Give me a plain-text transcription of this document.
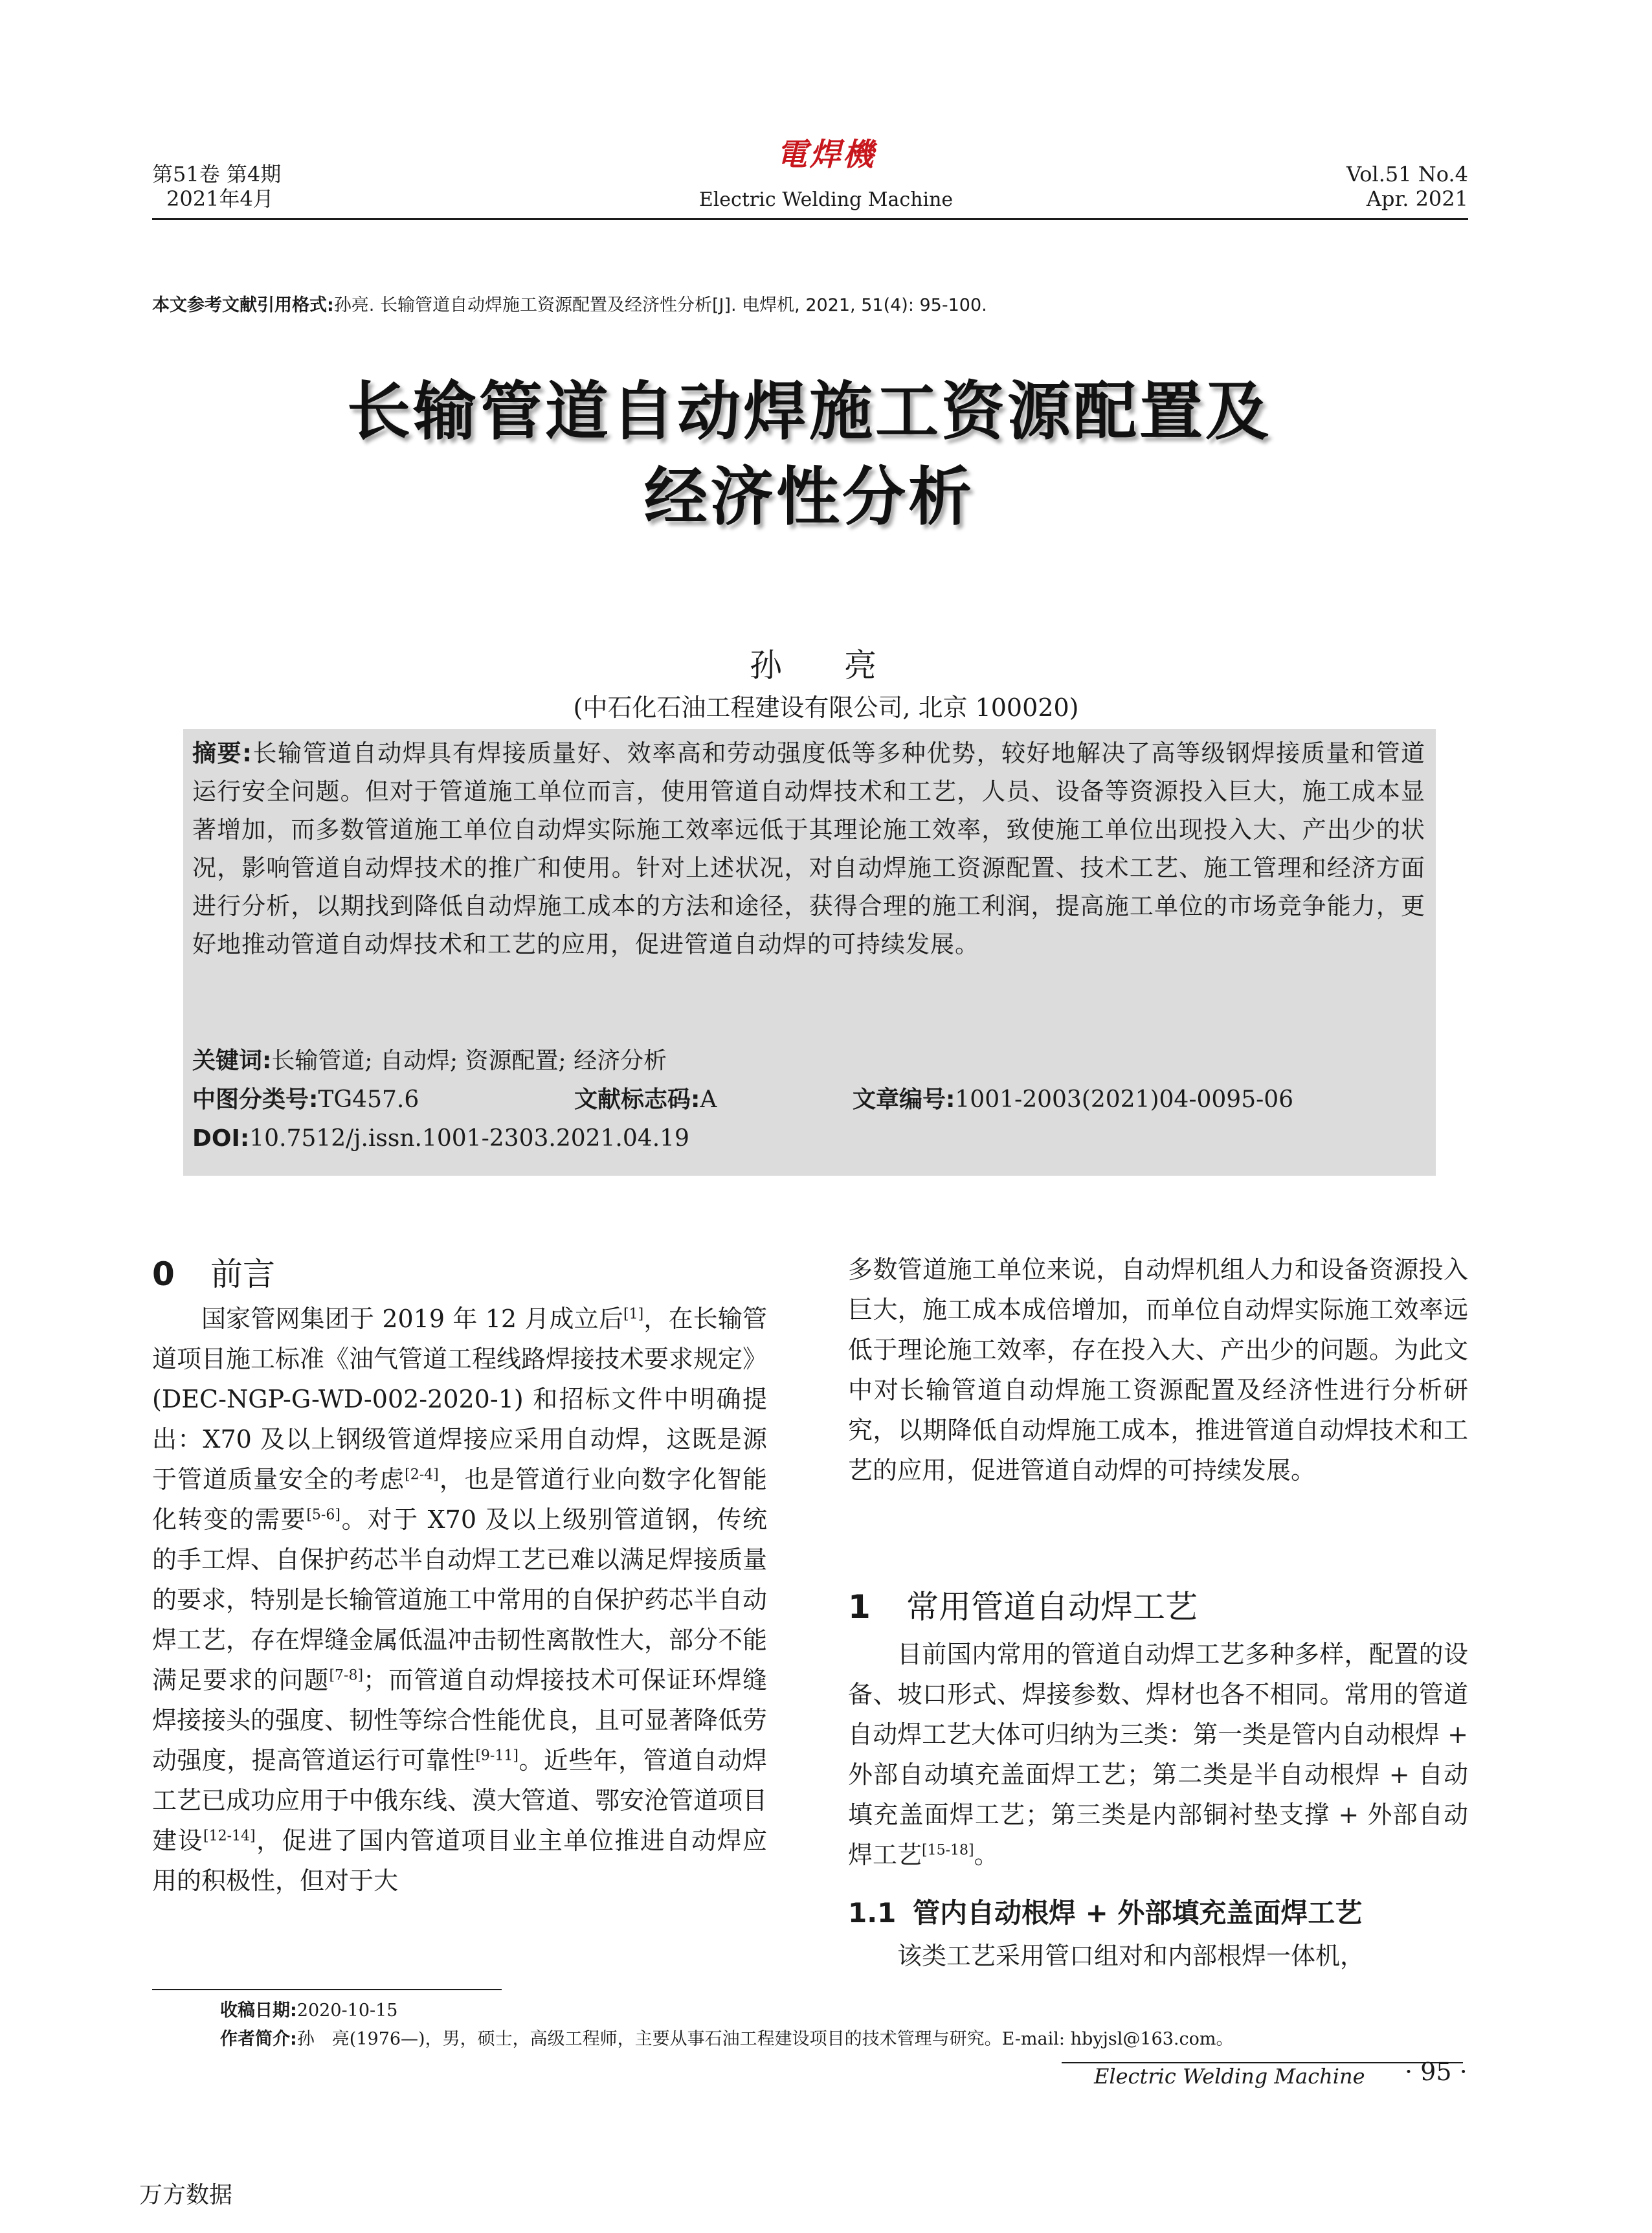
第51卷 第4期
2021年4月
電焊機
Electric Welding Machine
Vol.51 No.4
Apr. 2021
本文参考文献引用格式:孙亮. 长输管道自动焊施工资源配置及经济性分析[J]. 电焊机, 2021, 51(4): 95-100.
长输管道自动焊施工资源配置及
经济性分析
孙 亮
(中石化石油工程建设有限公司, 北京 100020)
摘要:长输管道自动焊具有焊接质量好、效率高和劳动强度低等多种优势，较好地解决了高等级钢焊接质量和管道运行安全问题。但对于管道施工单位而言，使用管道自动焊技术和工艺，人员、设备等资源投入巨大，施工成本显著增加，而多数管道施工单位自动焊实际施工效率远低于其理论施工效率，致使施工单位出现投入大、产出少的状况，影响管道自动焊技术的推广和使用。针对上述状况，对自动焊施工资源配置、技术工艺、施工管理和经济方面进行分析，以期找到降低自动焊施工成本的方法和途径，获得合理的施工利润，提高施工单位的市场竞争能力，更好地推动管道自动焊技术和工艺的应用，促进管道自动焊的可持续发展。
关键词:长输管道; 自动焊; 资源配置; 经济分析
中图分类号:TG457.6	文献标志码:A	文章编号:1001-2003(2021)04-0095-06
DOI:10.7512/j.issn.1001-2303.2021.04.19
0 前言
国家管网集团于 2019 年 12 月成立后[1]，在长输管道项目施工标准《油气管道工程线路焊接技术要求规定》(DEC-NGP-G-WD-002-2020-1) 和招标文件中明确提出：X70 及以上钢级管道焊接应采用自动焊，这既是源于管道质量安全的考虑[2-4]，也是管道行业向数字化智能化转变的需要[5-6]。对于 X70 及以上级别管道钢，传统的手工焊、自保护药芯半自动焊工艺已难以满足焊接质量的要求，特别是长输管道施工中常用的自保护药芯半自动焊工艺，存在焊缝金属低温冲击韧性离散性大，部分不能满足要求的问题[7-8]；而管道自动焊接技术可保证环焊缝焊接接头的强度、韧性等综合性能优良，且可显著降低劳动强度，提高管道运行可靠性[9-11]。近些年，管道自动焊工艺已成功应用于中俄东线、漠大管道、鄂安沧管道项目建设[12-14]，促进了国内管道项目业主单位推进自动焊应用的积极性，但对于大
多数管道施工单位来说，自动焊机组人力和设备资源投入巨大，施工成本成倍增加，而单位自动焊实际施工效率远低于理论施工效率，存在投入大、产出少的问题。为此文中对长输管道自动焊施工资源配置及经济性进行分析研究，以期降低自动焊施工成本，推进管道自动焊技术和工艺的应用，促进管道自动焊的可持续发展。
1 常用管道自动焊工艺
目前国内常用的管道自动焊工艺多种多样，配置的设备、坡口形式、焊接参数、焊材也各不相同。常用的管道自动焊工艺大体可归纳为三类：第一类是管内自动根焊 + 外部自动填充盖面焊工艺；第二类是半自动根焊 + 自动填充盖面焊工艺；第三类是内部铜衬垫支撑 + 外部自动焊工艺[15-18]。
1.1 管内自动根焊 + 外部填充盖面焊工艺
该类工艺采用管口组对和内部根焊一体机，
收稿日期:2020-10-15
作者简介:孙　亮(1976—)，男，硕士，高级工程师，主要从事石油工程建设项目的技术管理与研究。E-mail: hbyjsl@163.com。
Electric Welding Machine · 95 ·
万方数据
